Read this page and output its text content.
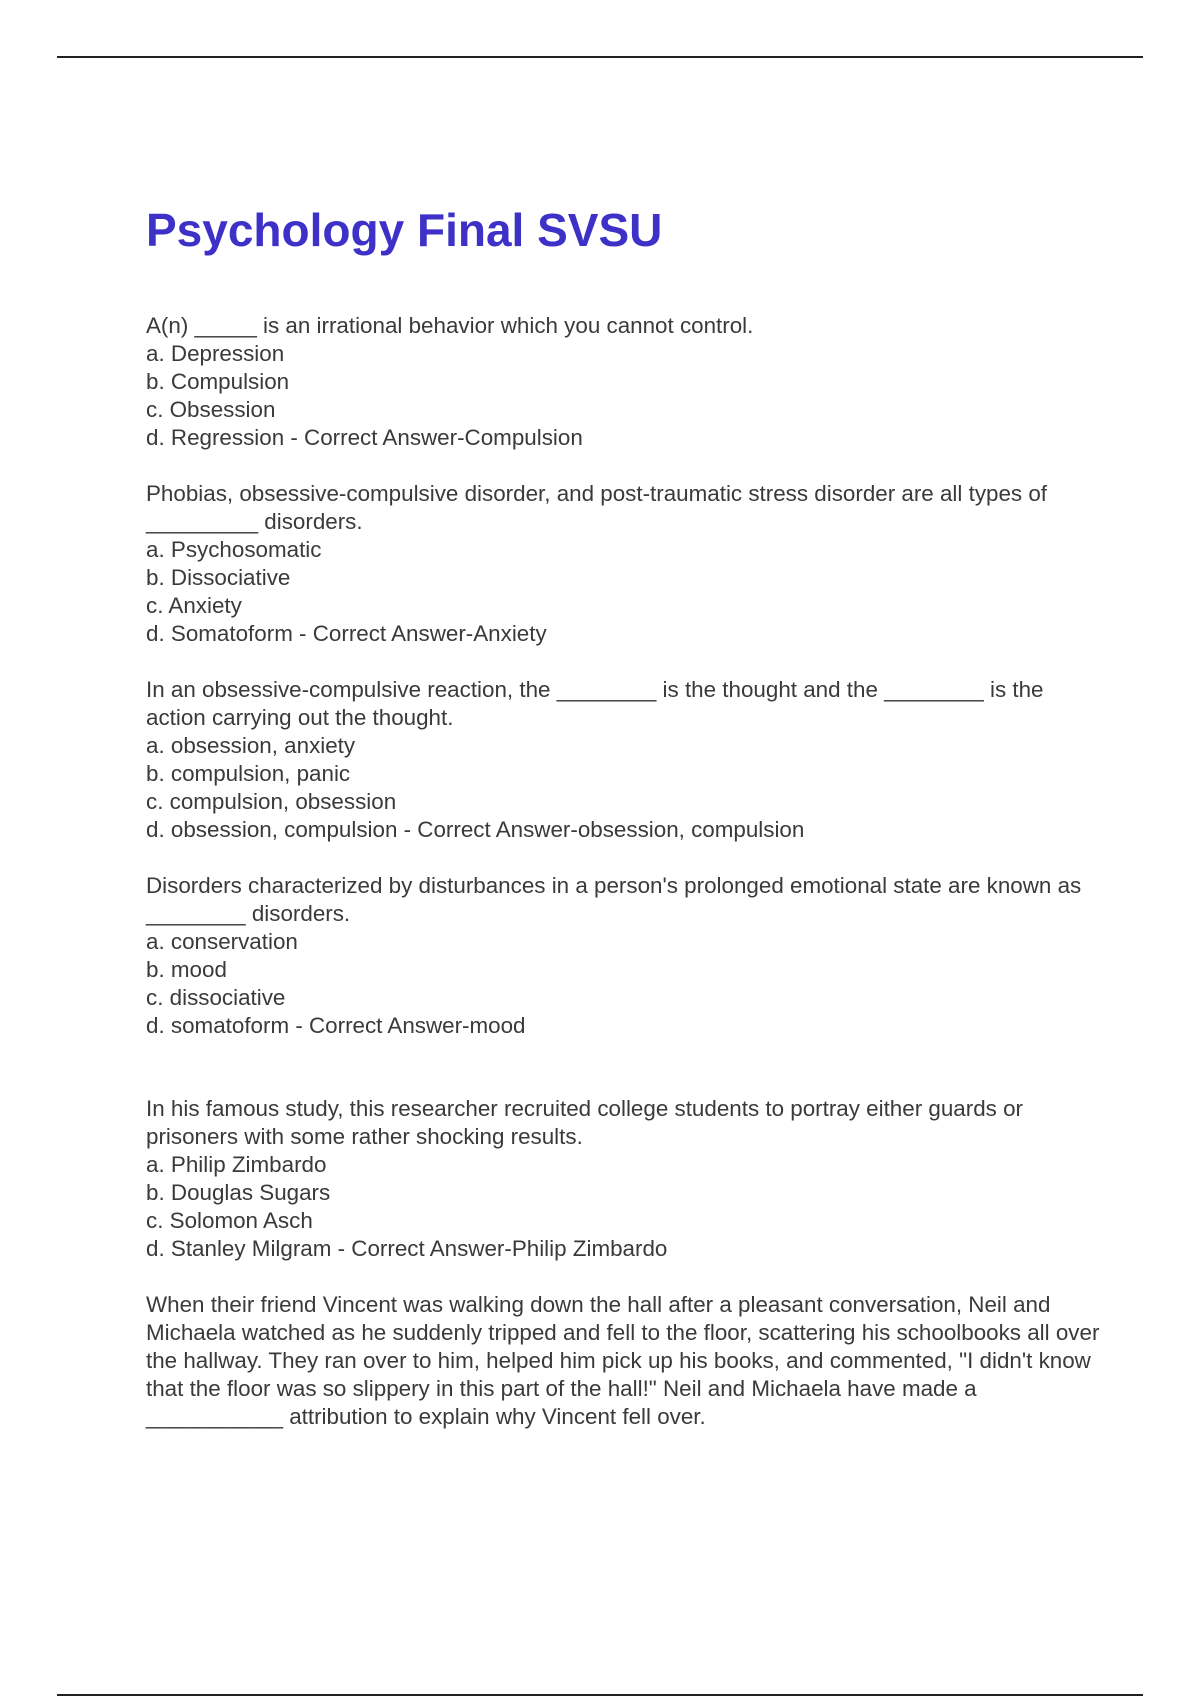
Psychology Final SVSU

A(n) _____ is an irrational behavior which you cannot control.

a. Depression

b. Compulsion

c. Obsession

d. Regression - Correct Answer-Compulsion

Phobias, obsessive-compulsive disorder, and post-traumatic stress disorder are all types of _________ disorders.

a. Psychosomatic

b. Dissociative

c. Anxiety

d. Somatoform - Correct Answer-Anxiety

In an obsessive-compulsive reaction, the ________ is the thought and the ________ is the action carrying out the thought.

a. obsession, anxiety

b. compulsion, panic

c. compulsion, obsession

d. obsession, compulsion - Correct Answer-obsession, compulsion

Disorders characterized by disturbances in a person's prolonged emotional state are known as ________ disorders.

a. conservation

b. mood

c. dissociative

d. somatoform - Correct Answer-mood

In his famous study, this researcher recruited college students to portray either guards or prisoners with some rather shocking results.

a. Philip Zimbardo

b. Douglas Sugars

c. Solomon Asch

d. Stanley Milgram - Correct Answer-Philip Zimbardo

When their friend Vincent was walking down the hall after a pleasant conversation, Neil and Michaela watched as he suddenly tripped and fell to the floor, scattering his schoolbooks all over the hallway. They ran over to him, helped him pick up his books, and commented, "I didn't know that the floor was so slippery in this part of the hall!" Neil and Michaela have made a ___________ attribution to explain why Vincent fell over.
